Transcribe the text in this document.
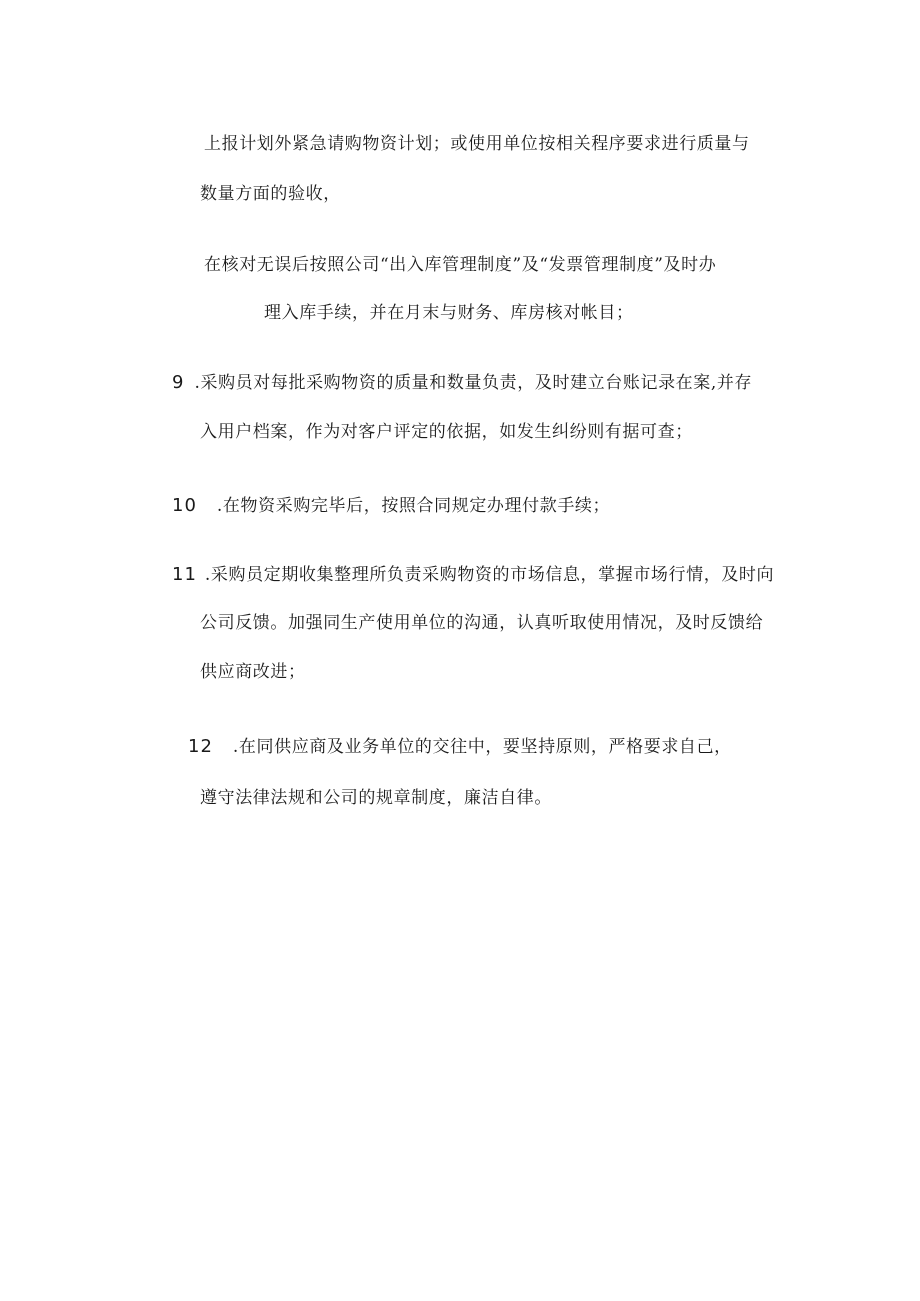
上报计划外紧急请购物资计划；或使用单位按相关程序要求进行质量与
数量方面的验收，
在核对无误后按照公司“出入库管理制度”及“发票管理制度”及时办
理入库手续，并在月末与财务、库房核对帐目；
9 .采购员对每批采购物资的质量和数量负责，及时建立台账记录在案,并存
入用户档案，作为对客户评定的依据，如发生纠纷则有据可查；
10 .在物资采购完毕后，按照合同规定办理付款手续；
11 .采购员定期收集整理所负责采购物资的市场信息，掌握市场行情，及时向
公司反馈。加强同生产使用单位的沟通，认真听取使用情况，及时反馈给
供应商改进；
12 .在同供应商及业务单位的交往中，要坚持原则，严格要求自己，
遵守法律法规和公司的规章制度，廉洁自律。
